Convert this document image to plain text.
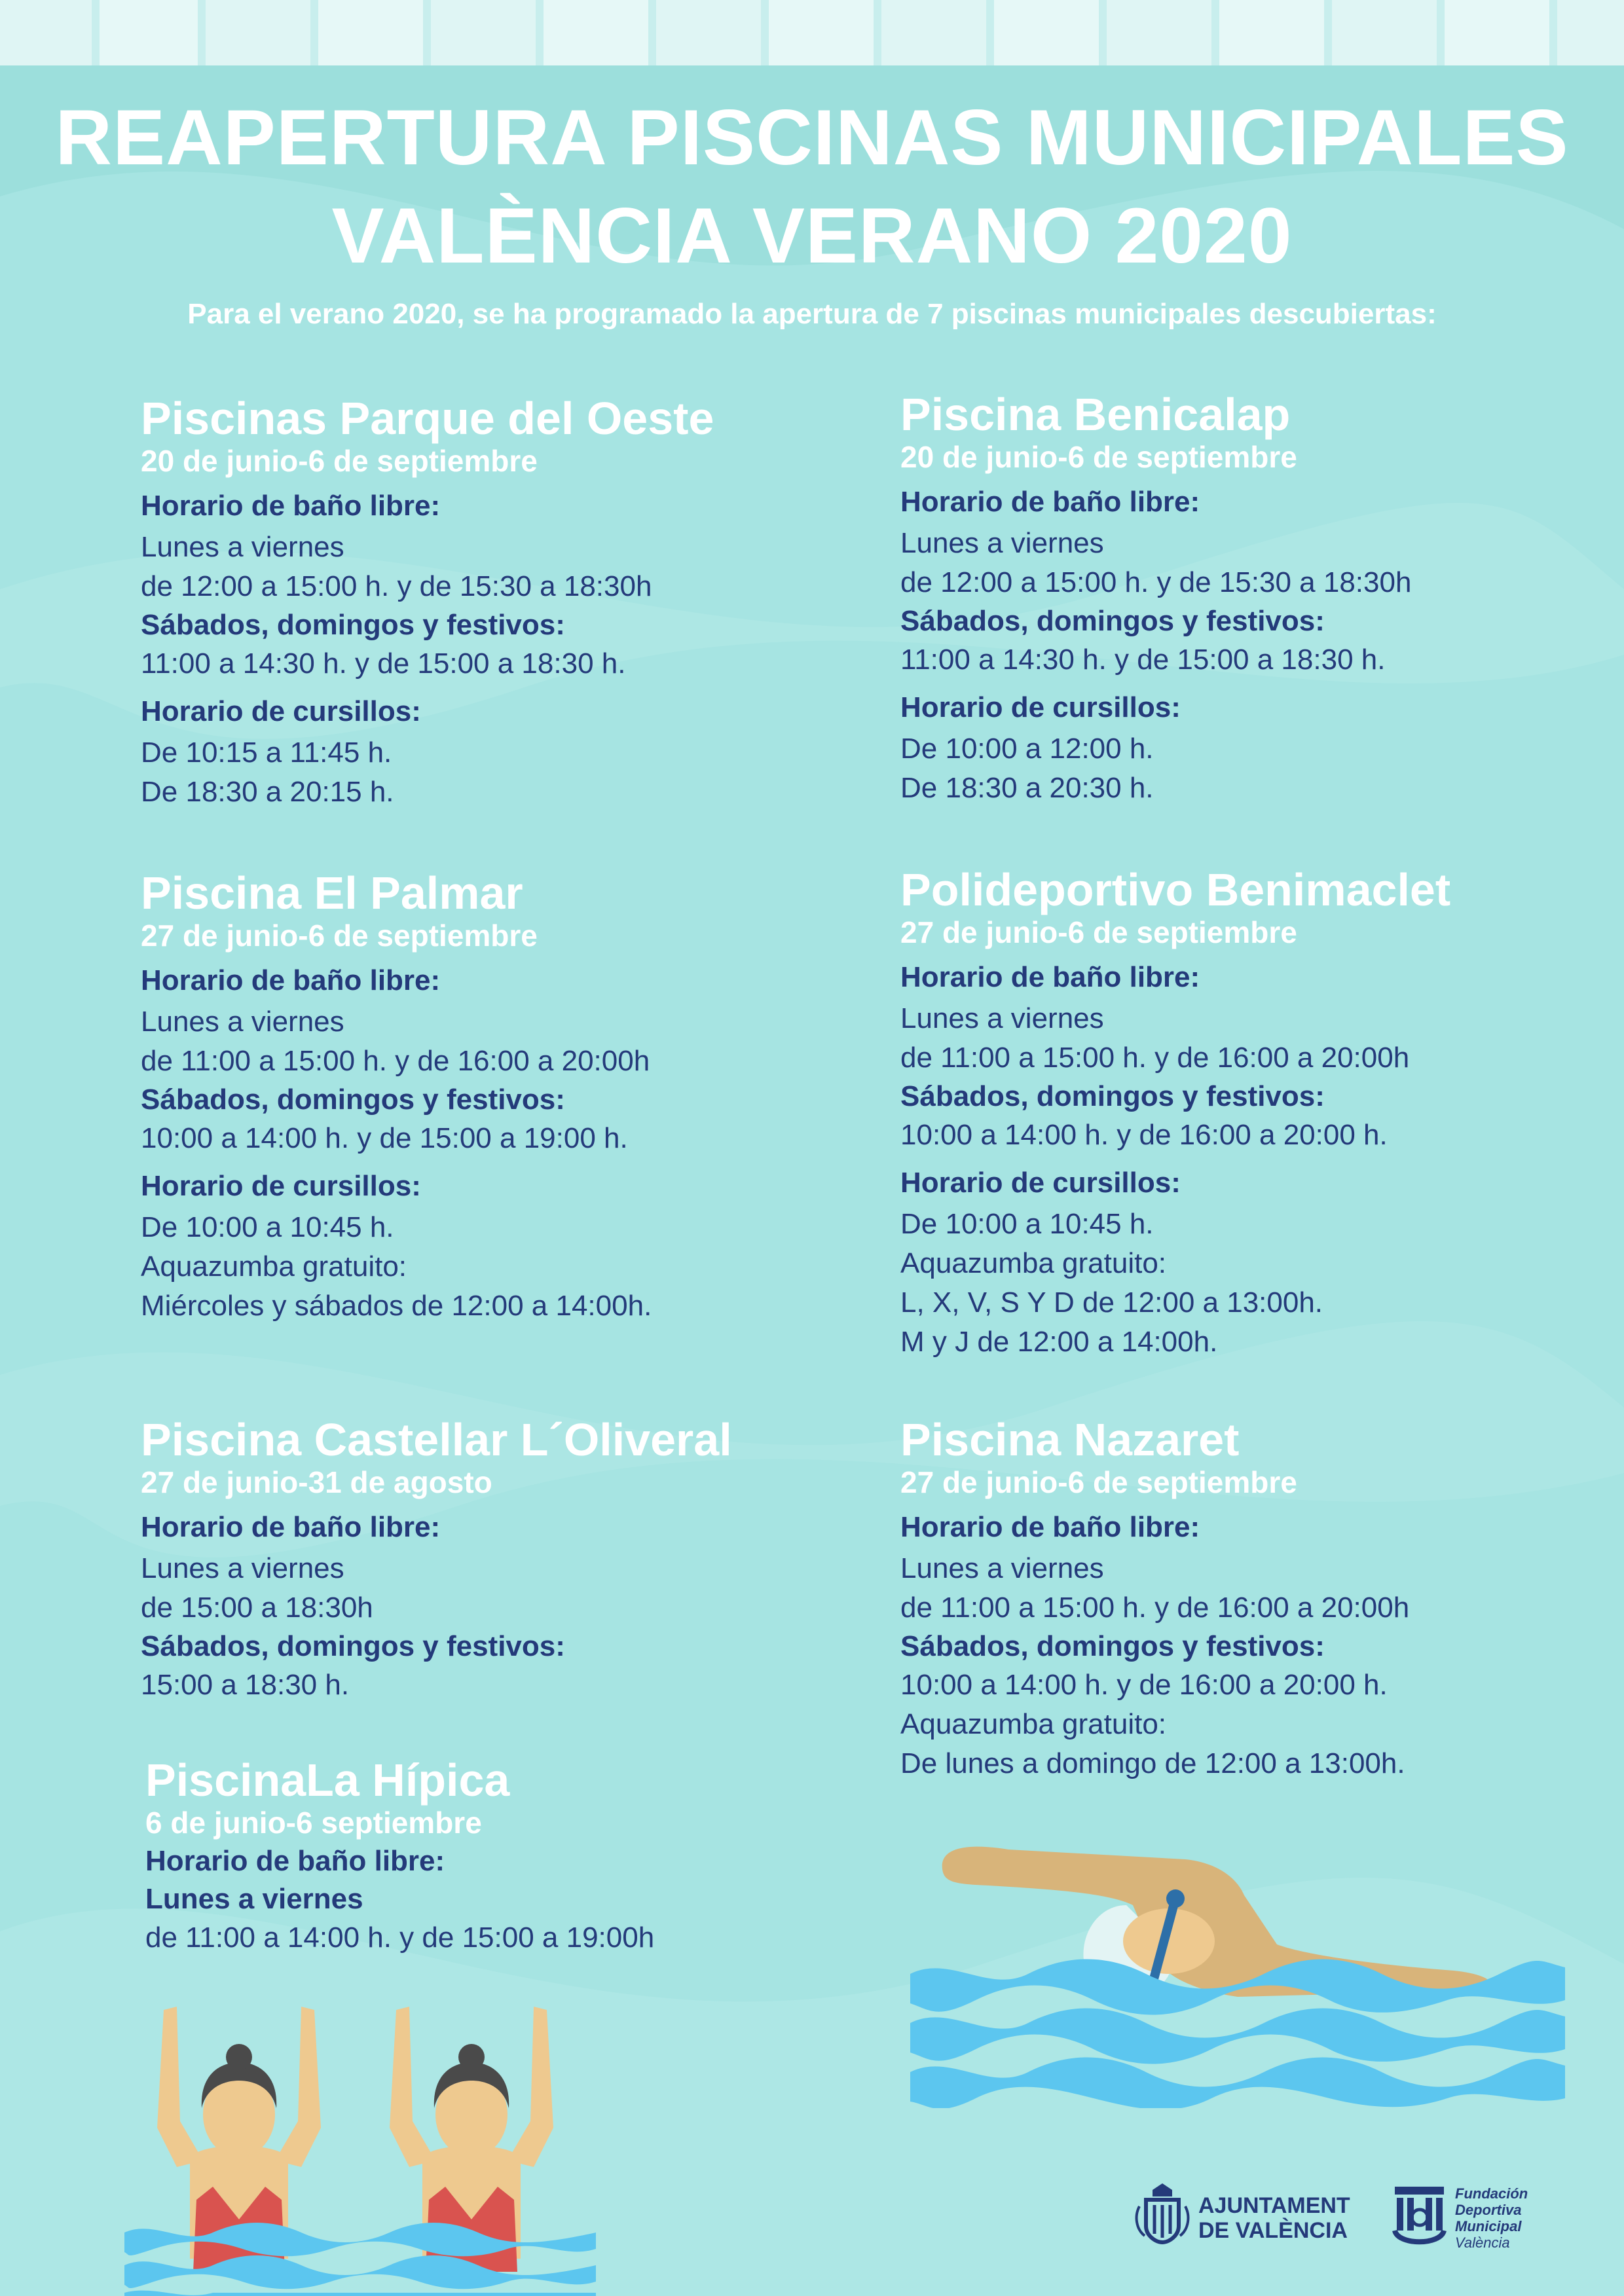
REAPERTURA PISCINAS MUNICIPALES
VALÈNCIA VERANO 2020

Para el verano 2020, se ha programado la apertura de 7 piscinas municipales descubiertas:

Piscinas Parque del Oeste

20 de junio-6 de septiembre

Horario de baño libre:
Lunes a viernes
de 12:00 a 15:00 h. y de 15:30 a 18:30h
Sábados, domingos y festivos:
11:00 a 14:30 h. y de 15:00 a 18:30 h.
Horario de cursillos:
De 10:15 a 11:45 h.
De 18:30 a 20:15 h.

Piscina Benicalap

20 de junio-6 de septiembre

Horario de baño libre:
Lunes a viernes
de 12:00 a 15:00 h. y de 15:30 a 18:30h
Sábados, domingos y festivos:
11:00 a 14:30 h. y de 15:00 a 18:30 h.
Horario de cursillos:
De 10:00 a 12:00 h.
De 18:30 a 20:30 h.

Piscina El Palmar

27 de junio-6 de septiembre

Horario de baño libre:
Lunes a viernes
de 11:00 a 15:00 h. y de 16:00 a 20:00h
Sábados, domingos y festivos:
10:00 a 14:00 h. y de 15:00 a 19:00 h.
Horario de cursillos:
De 10:00 a 10:45 h.
Aquazumba gratuito:
Miércoles y sábados de 12:00 a 14:00h.

Polideportivo Benimaclet

27 de junio-6 de septiembre

Horario de baño libre:
Lunes a viernes
de 11:00 a 15:00 h. y de 16:00 a 20:00h
Sábados, domingos y festivos:
10:00 a 14:00 h. y de 16:00 a 20:00 h.
Horario de cursillos:
De 10:00 a 10:45 h.
Aquazumba gratuito:
L, X, V, S Y D de 12:00 a 13:00h.
M y J de 12:00 a 14:00h.

Piscina Castellar L´Oliveral

27 de junio-31 de agosto

Horario de baño libre:
Lunes a viernes
de 15:00 a 18:30h
Sábados, domingos y festivos:
15:00 a 18:30 h.

Piscina Nazaret

27 de junio-6 de septiembre

Horario de baño libre:
Lunes a viernes
de 11:00 a 15:00 h. y de 16:00 a 20:00h
Sábados, domingos y festivos:
10:00 a 14:00 h. y de 16:00 a 20:00 h.
Aquazumba gratuito:
De lunes a domingo de 12:00 a 13:00h.

PiscinaLa Hípica

6 de junio-6 septiembre

Horario de baño libre:
Lunes a viernes
de 11:00 a 14:00 h. y de 15:00 a 19:00h
AJUNTAMENT
DE VALÈNCIA
Fundación
Deportiva
Municipal
València
